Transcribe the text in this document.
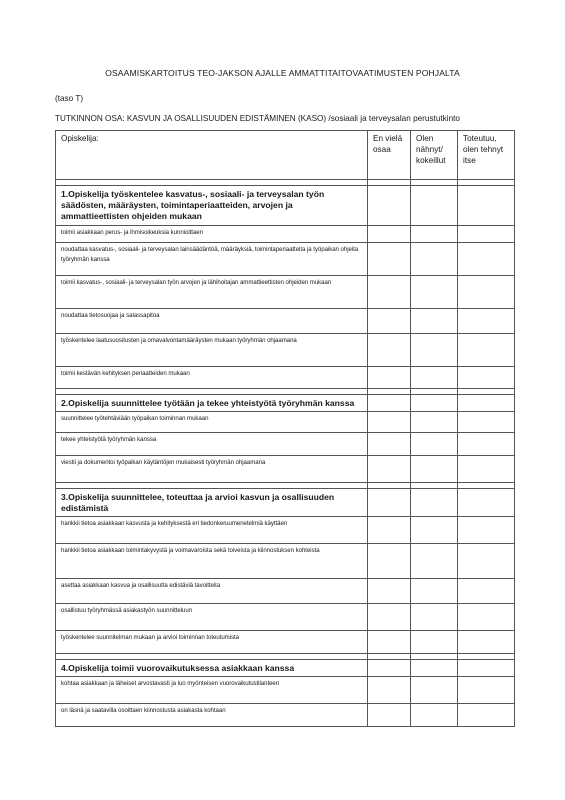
OSAAMISKARTOITUS TEO-JAKSON AJALLE AMMATTITAITOVAATIMUSTEN POHJALTA
(taso T)
TUTKINNON OSA: KASVUN JA OSALLISUUDEN EDISTÄMINEN (KASO) /sosiaali ja terveysalan perustutkinto
Opiskelija:	En vielä osaa	Olen nähnyt/ kokeillut	Toteutuu, olen tehnyt itse

1.Opiskelija työskentelee kasvatus-, sosiaali- ja terveysalan työn säädösten, määräysten, toimintaperiaatteiden, arvojen ja ammattieettisten ohjeiden mukaan			
toimii asiakkaan perus- ja ihmisoikeuksia kunnioittaen			
noudattaa kasvatus-, sosiaali- ja terveysalan lainsäädäntöä, määräyksiä, toimintaperiaatteita ja työpaikan ohjeita työryhmän kanssa			
toimii kasvatus-, sosiaali- ja terveysalan työn arvojen ja lähihoitajan ammattieettisten ohjeiden mukaan			
noudattaa tietosuojaa ja salassapitoa			
työskentelee laatusuositusten ja omavalvontamääräysten mukaan työryhmän ohjaamana			
toimii kestävän kehityksen periaatteiden mukaan			

2.Opiskelija suunnittelee työtään ja tekee yhteistyötä työryhmän kanssa			
suunnittelee työtehtäviään työpaikan toiminnan mukaan			
tekee yhteistyötä työryhmän kanssa			
viestii ja dokumentoi työpaikan käytäntöjen mukaisesti työryhmän ohjaamana			

3.Opiskelija suunnittelee, toteuttaa ja arvioi kasvun ja osallisuuden edistämistä			
hankkii tietoa asiakkaan kasvusta ja kehityksestä eri tiedonkeruumenetelmiä käyttäen			
hankkii tietoa asiakkaan toimintakyvystä ja voimavaroista sekä toiveista ja kiinnostuksen kohteista			
asettaa asiakkaan kasvua ja osallisuutta edistäviä tavoitteita			
osallistuu työryhmässä asiakastyön suunnitteluun			
työskentelee suunnitelman mukaan ja arvioi toiminnan toteutumista			

4.Opiskelija toimii vuorovaikutuksessa asiakkaan kanssa			
kohtaa asiakkaan ja läheiset arvostavasti ja luo myönteisen vuorovaikutustilanteen			
on läsnä ja saatavilla osoittaen kiinnostusta asiakasta kohtaan			
